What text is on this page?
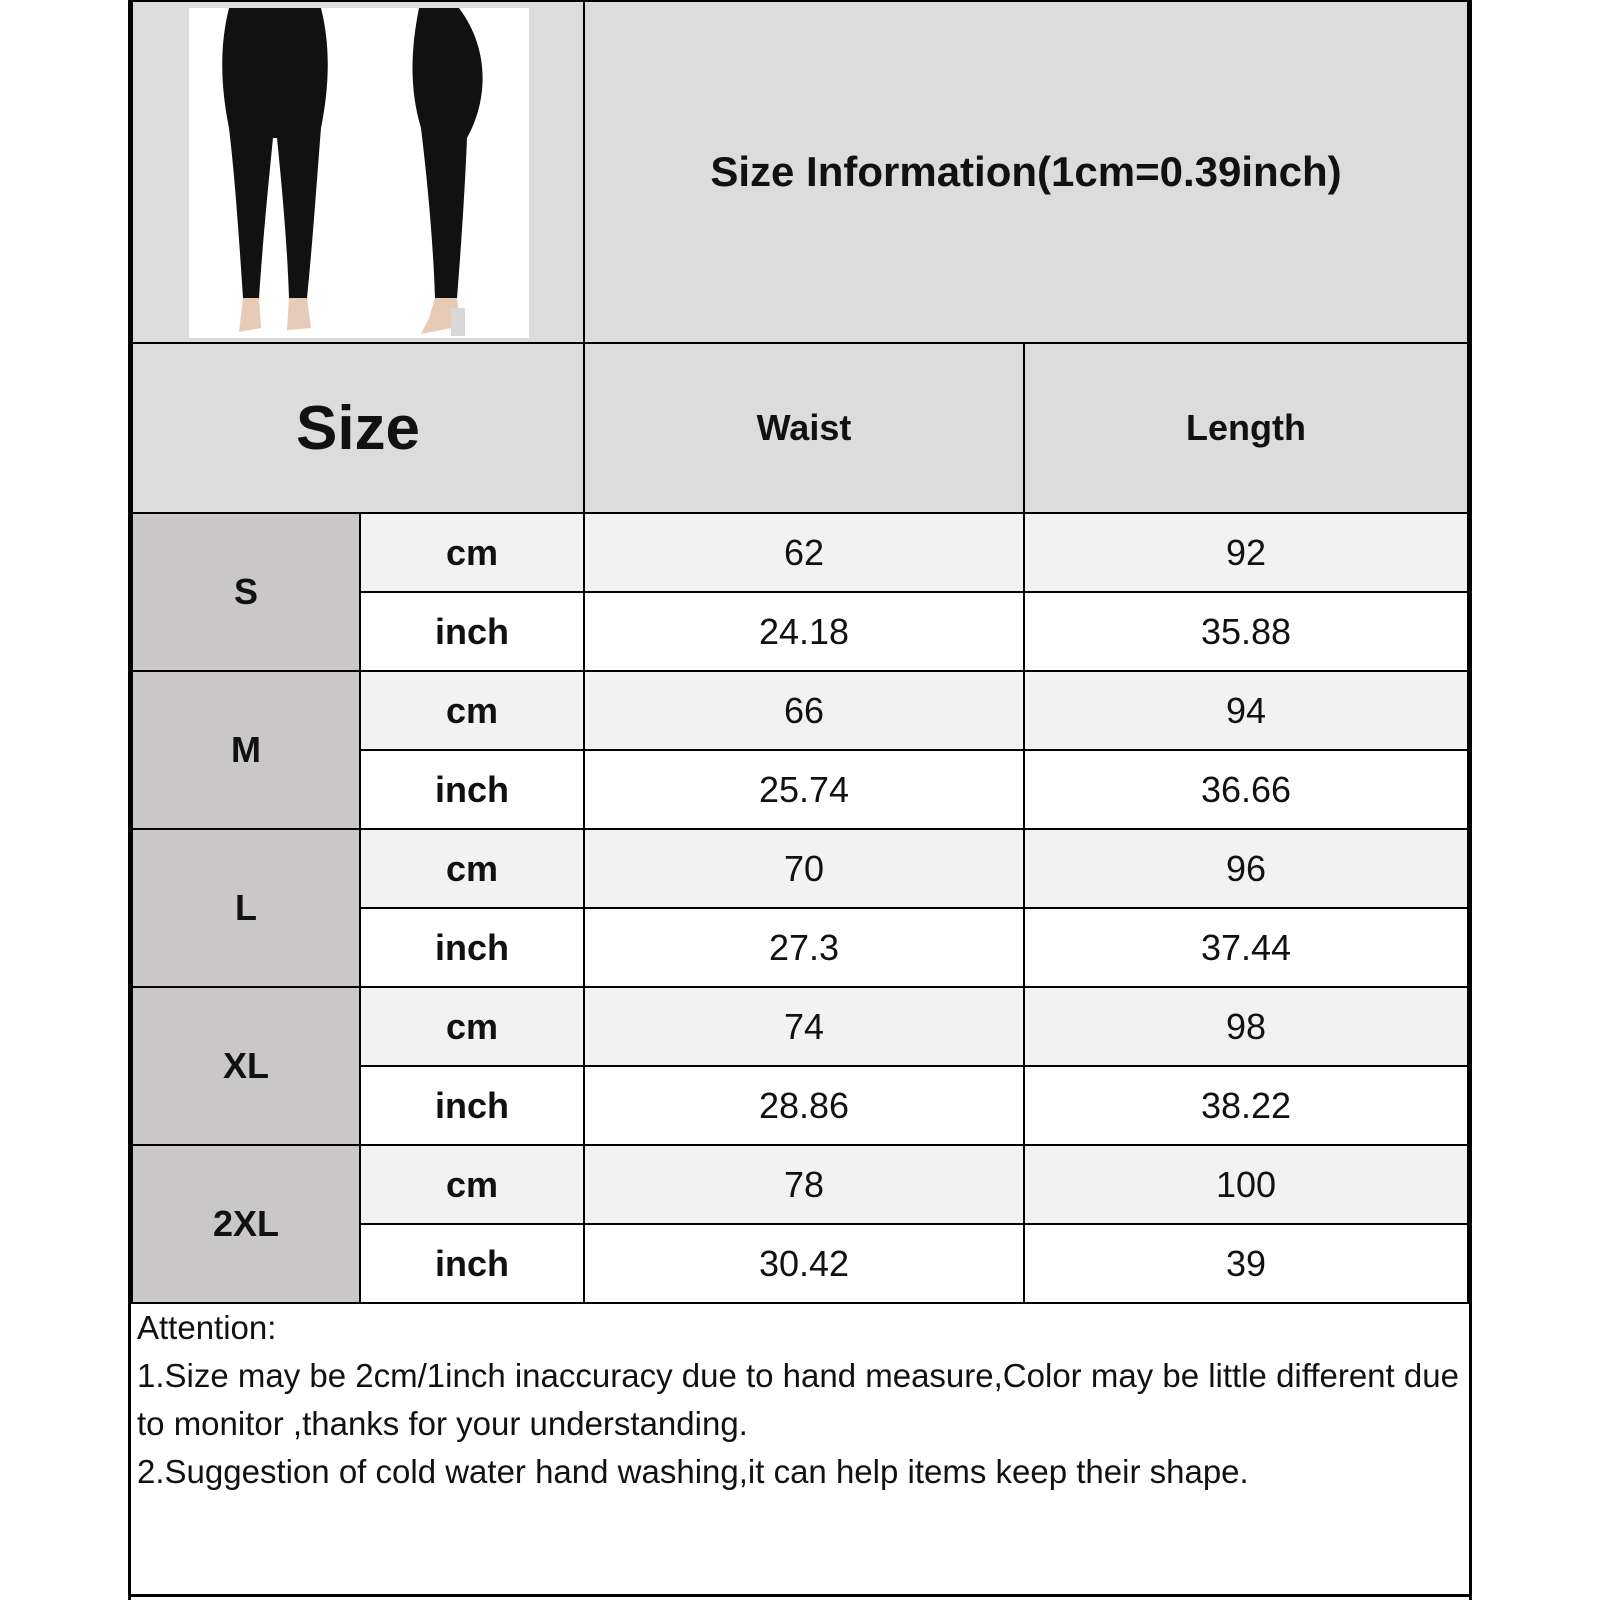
Size Information(1cm=0.39inch)
Size	Waist	Length
S
cm
inch
62
24.18
92
35.88
M
cm
inch
66
25.74
94
36.66
L
cm
inch
70
27.3
96
37.44
XL
cm
inch
74
28.86
98
38.22
2XL
cm
inch
78
30.42
100
39
Attention:
1.Size may be 2cm/1inch inaccuracy due to hand measure,Color may be little different due to monitor ,thanks for your understanding.
2.Suggestion of cold water hand washing,it can help items keep their shape.
